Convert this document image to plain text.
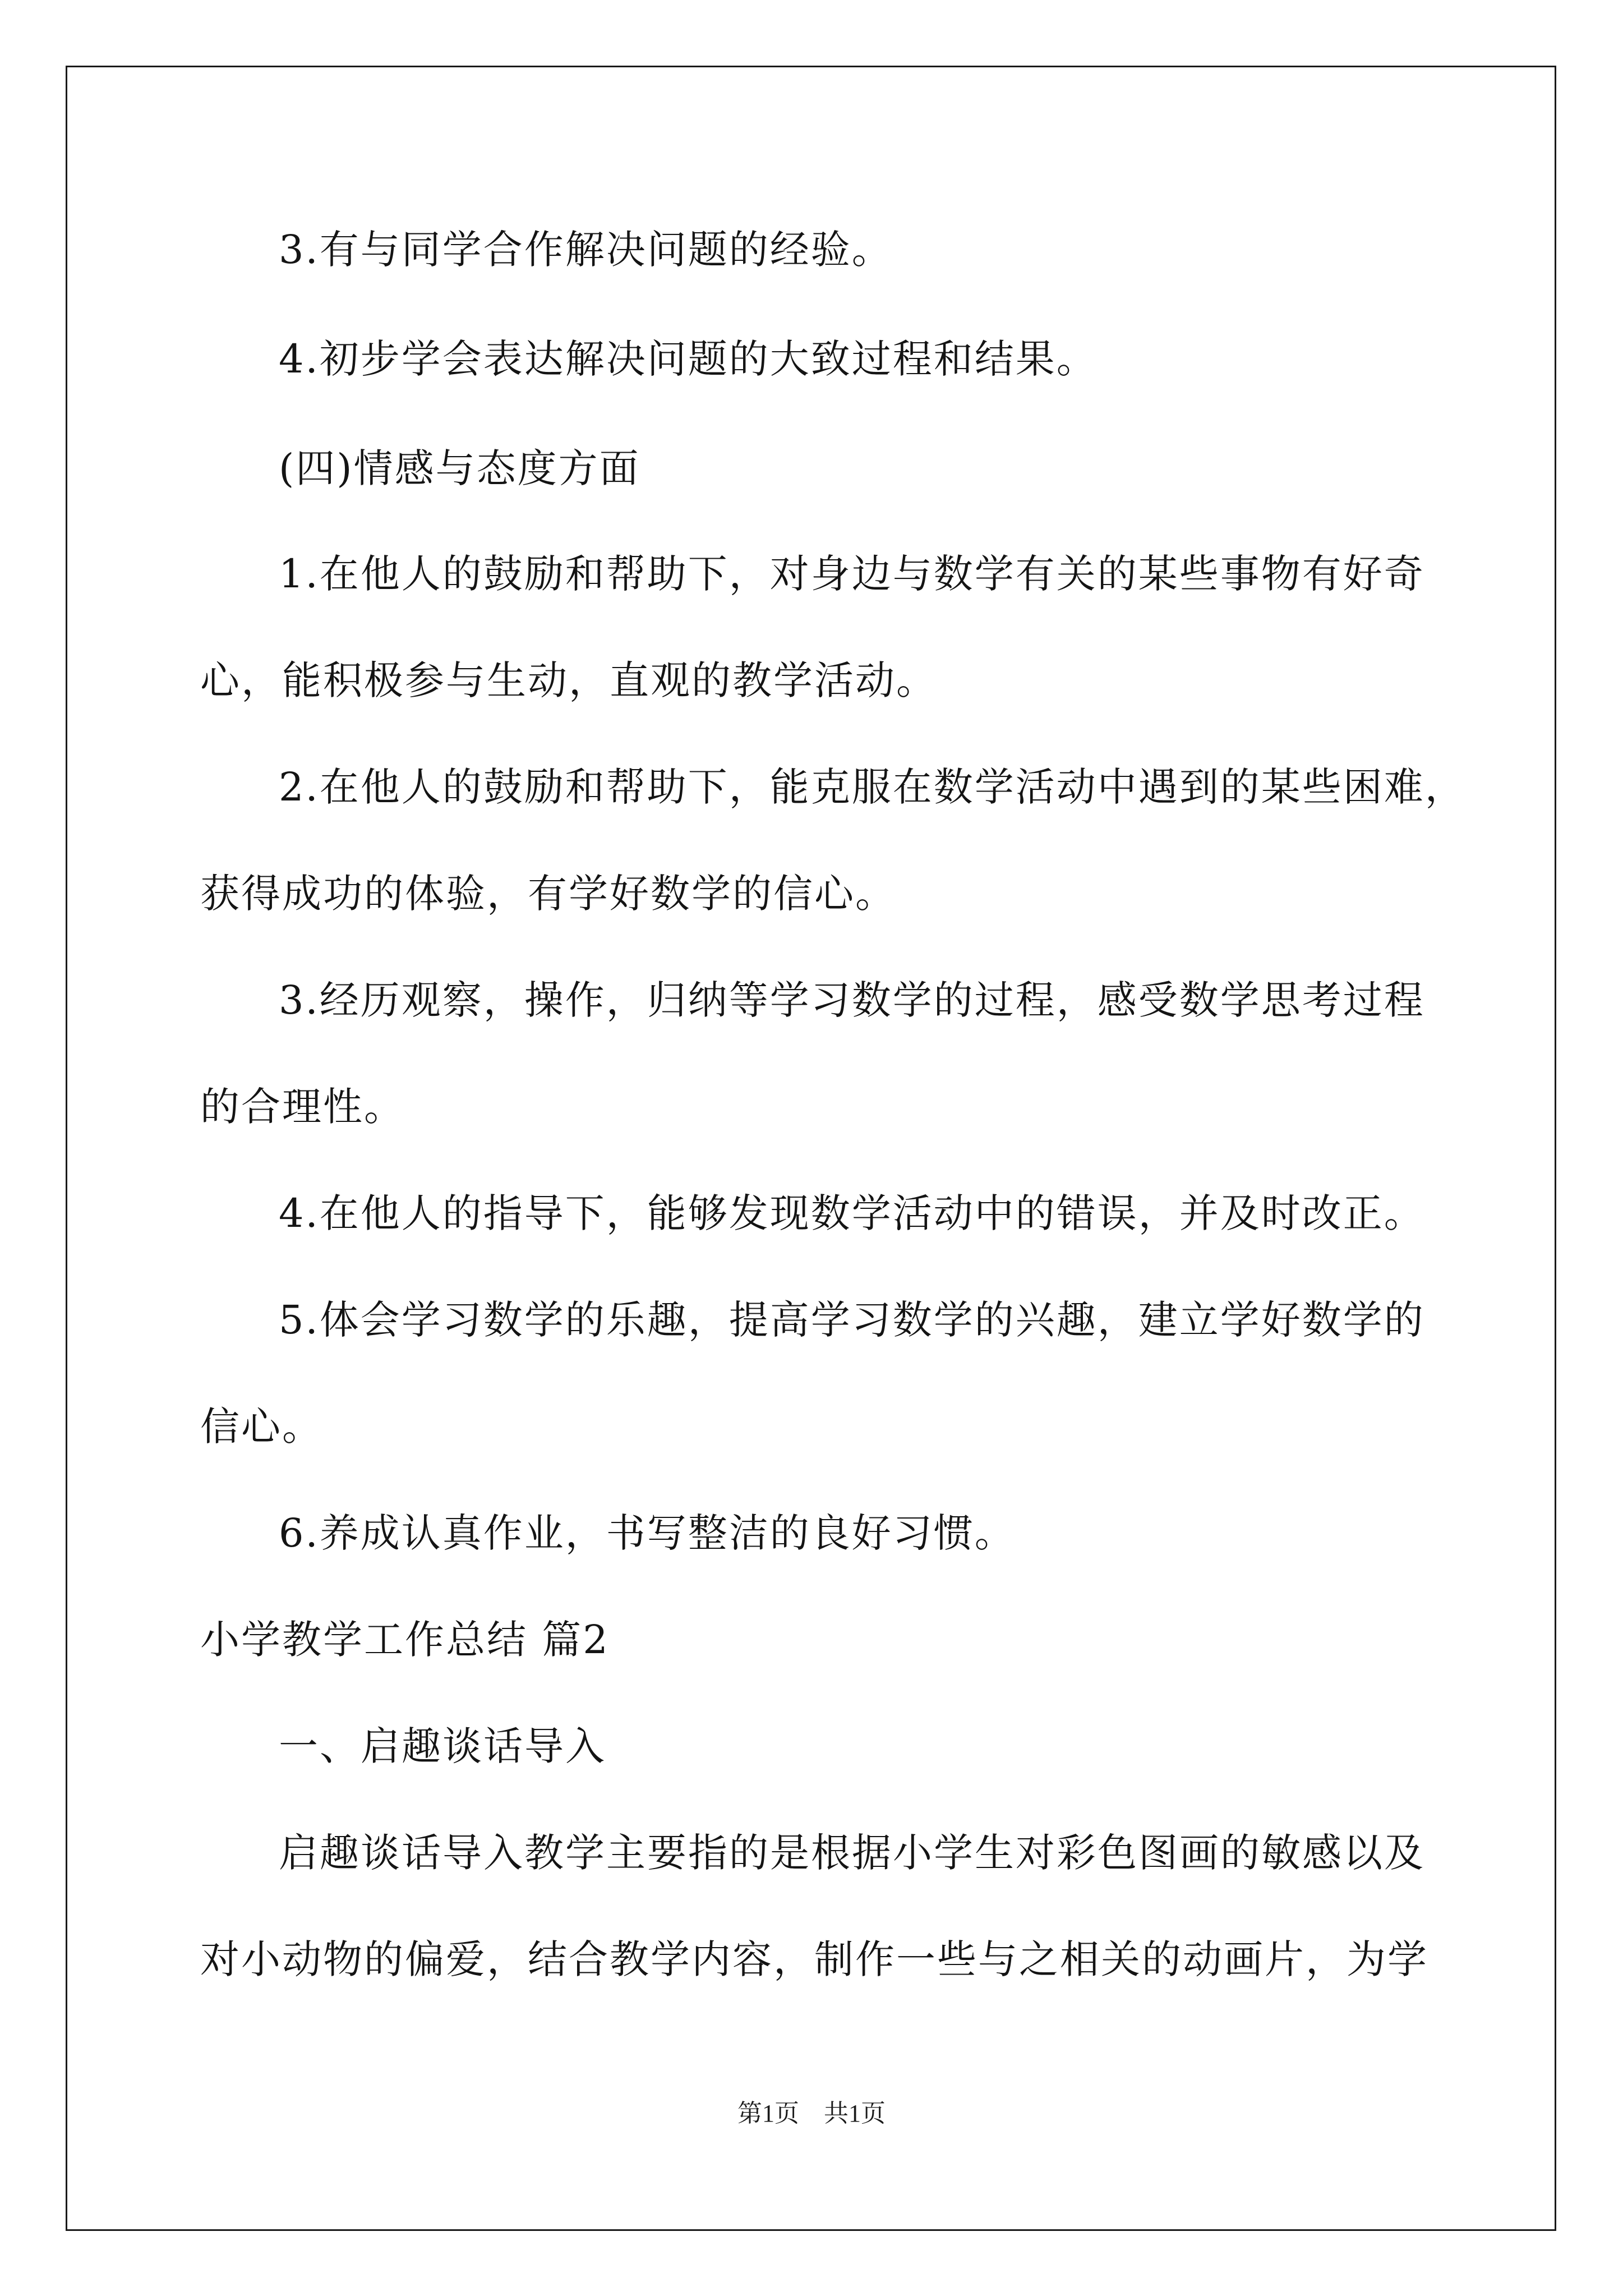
3.有与同学合作解决问题的经验。

4.初步学会表达解决问题的大致过程和结果。

(四)情感与态度方面

1.在他人的鼓励和帮助下，对身边与数学有关的某些事物有好奇

心，能积极参与生动，直观的教学活动。

2.在他人的鼓励和帮助下，能克服在数学活动中遇到的某些困难，

获得成功的体验，有学好数学的信心。

3.经历观察，操作，归纳等学习数学的过程，感受数学思考过程

的合理性。

4.在他人的指导下，能够发现数学活动中的错误，并及时改正。

5.体会学习数学的乐趣，提高学习数学的兴趣，建立学好数学的

信心。

6.养成认真作业，书写整洁的良好习惯。

小学教学工作总结 篇2

一、启趣谈话导入

启趣谈话导入教学主要指的是根据小学生对彩色图画的敏感以及

对小动物的偏爱，结合教学内容，制作一些与之相关的动画片，为学

第1页 共1页
